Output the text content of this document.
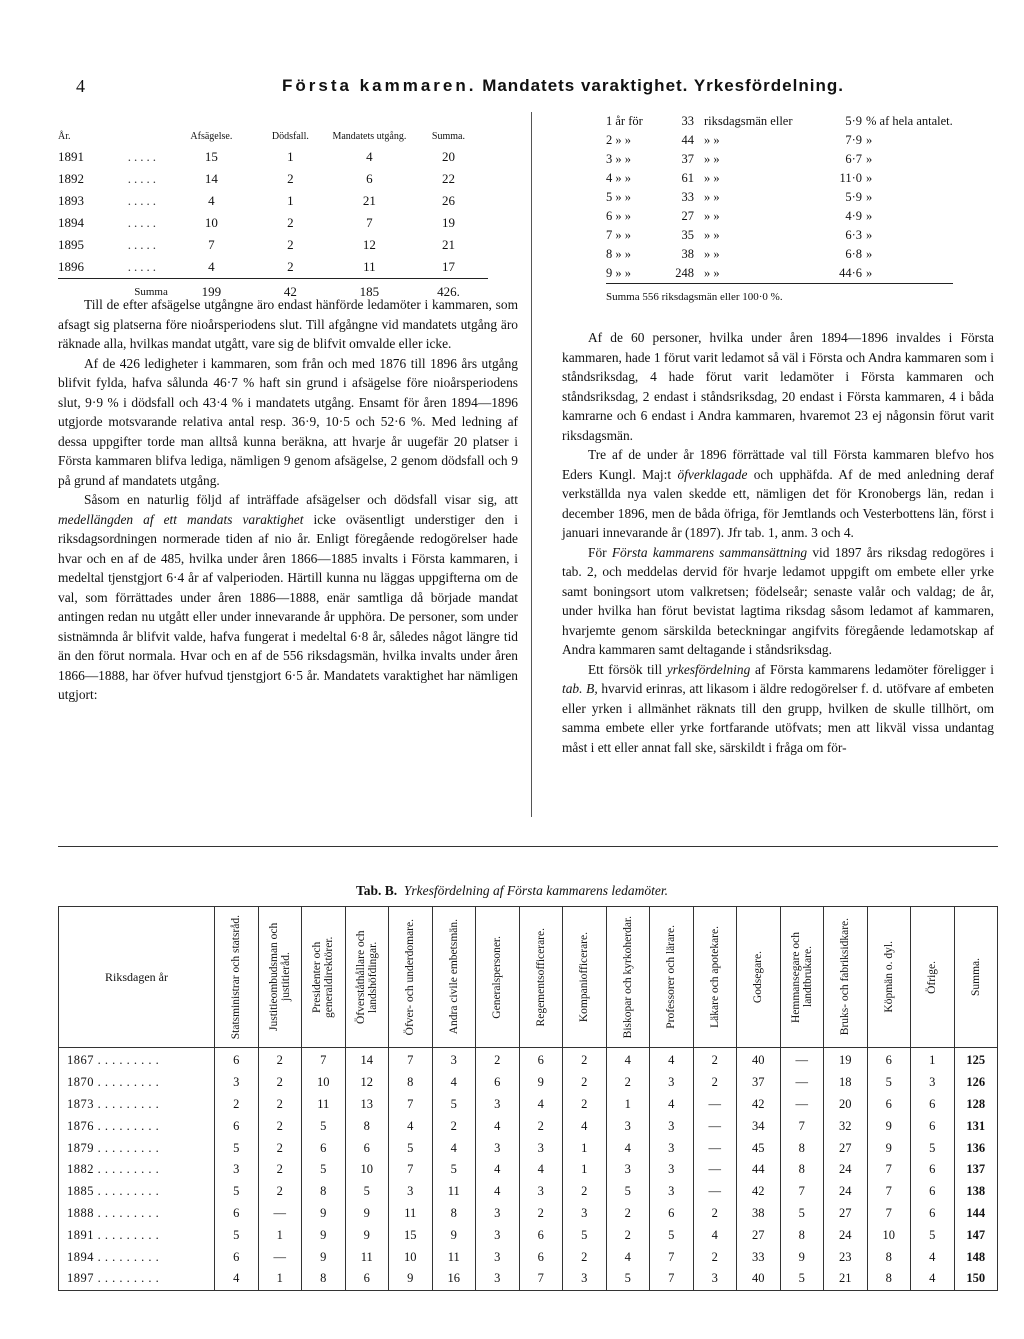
4	Första kammaren. Mandatets varaktighet. Yrkesfördelning.
År.		Afsägelse.	Dödsfall.	Mandatets utgång.	Summa.
1891	.....	15	1	4	20
1892	.....	14	2	6	22
1893	.....	4	1	21	26
1894	.....	10	2	7	19
1895	.....	7	2	12	21
1896	.....	4	2	11	17
Summa		199	42	185	426.

Till de efter afsägelse utgångne äro endast hänförde ledamöter i kammaren, som afsagt sig platserna före nioårsperiodens slut. Till afgångne vid mandatets utgång äro räknade alla, hvilkas mandat utgått, vare sig de blifvit omvalde eller icke.

Af de 426 ledigheter i kammaren, som från och med 1876 till 1896 års utgång blifvit fylda, hafva sålunda 46·7 % haft sin grund i afsägelse före nioårsperiodens slut, 9·9 % i dödsfall och 43·4 % i mandatets utgång. Ensamt för åren 1894—1896 utgjorde motsvarande relativa antal resp. 36·9, 10·5 och 52·6 %. Med ledning af dessa uppgifter torde man alltså kunna beräkna, att hvarje år uugefär 20 platser i Första kammaren blifva lediga, nämligen 9 genom afsägelse, 2 genom dödsfall och 9 på grund af mandatets utgång.

Såsom en naturlig följd af inträffade afsägelser och dödsfall visar sig, att medellängden af ett mandats varaktighet icke oväsentligt understiger den i riksdagsordningen normerade tiden af nio år. Enligt föregående redogörelser hade hvar och en af de 485, hvilka under åren 1866—1885 invalts i Första kammaren, i medeltal tjenstgjort 6·4 år af valperioden. Härtill kunna nu läggas uppgifterna om de val, som förrättades under åren 1886—1888, enär samtliga då började mandat antingen redan nu utgått eller under innevarande år upphöra. De personer, som under sistnämnda år blifvit valde, hafva fungerat i medeltal 6·8 år, således något längre tid än den förut normala. Hvar och en af de 556 riksdagsmän, hvilka invalts under åren 1866—1888, har öfver hufvud tjenstgjort 6·5 år. Mandatets varaktighet har nämligen utgjort:

1 år för	33	riksdagsmän eller	5·9	% af hela antalet.
2 » »	44	» »	7·9	»
3 » »	37	» »	6·7	»
4 » »	61	» »	11·0	»
5 » »	33	» »	5·9	»
6 » »	27	» »	4·9	»
7 » »	35	» »	6·3	»
8 » »	38	» »	6·8	»
9 » »	248	» »	44·6	»
Summa 556 riksdagsmän eller 100·0 %.				

Af de 60 personer, hvilka under åren 1894—1896 invaldes i Första kammaren, hade 1 förut varit ledamot så väl i Första och Andra kammaren som i ståndsriksdag, 4 hade förut varit ledamöter i Första kammaren och ståndsriksdag, 2 endast i ståndsriksdag, 20 endast i Första kammaren, 4 i båda kamrarne och 6 endast i Andra kammaren, hvaremot 23 ej någonsin förut varit riksdagsmän.

Tre af de under år 1896 förrättade val till Första kammaren blefvo hos Eders Kungl. Maj:t öfverklagade och upphäfda. Af de med anledning deraf verkställda nya valen skedde ett, nämligen det för Kronobergs län, redan i december 1896, men de båda öfriga, för Jemtlands och Vesterbottens län, först i januari innevarande år (1897). Jfr tab. 1, anm. 3 och 4.

För Första kammarens sammansättning vid 1897 års riksdag redogöres i tab. 2, och meddelas dervid för hvarje ledamot uppgift om embete eller yrke samt boningsort utom valkretsen; födelseår; senaste valår och valdag; de år, under hvilka han förut bevistat lagtima riksdag såsom ledamot af kammaren, hvarjemte genom särskilda beteckningar angifvits föregående ledamotskap af Andra kammaren samt deltagande i ståndsriksdag.

Ett försök till yrkesfördelning af Första kammarens ledamöter föreligger i tab. B, hvarvid erinras, att likasom i äldre redogörelser f. d. utöfvare af embeten eller yrken i allmänhet räknats till den grupp, hvilken de skulle tillhört, om samma embete eller yrke fortfarande utöfvats; men att likväl vissa undantag måst i ett eller annat fall ske, särskildt i fråga om för-

Tab. B. Yrkesfördelning af Första kammarens ledamöter.
Riksdagen år	Statsministrar och statsråd.	Justitieombudsman och justitieråd.	Presidenter och generaldirektörer.	Öfverståthållare och landshöfdingar.	Öfver- och underdomare.	Andra civile embetsmän.	Generalspersoner.	Regementsofficerare.	Kompaniofficerare.	Biskopar och kyrkoherdar.	Professorer och lärare.	Läkare och apotekare.	Godsegare.	Hemmansegare och landtbrukare.	Bruks- och fabriksidkare.	Köpmän o. dyl.	Öfrige.	Summa.

1867 . . . . . . . . .	6	2	7	14	7	3	2	6	2	4	4	2	40	—	19	6	1	125
1870 . . . . . . . . .	3	2	10	12	8	4	6	9	2	2	3	2	37	—	18	5	3	126
1873 . . . . . . . . .	2	2	11	13	7	5	3	4	2	1	4	—	42	—	20	6	6	128
1876 . . . . . . . . .	6	2	5	8	4	2	4	2	4	3	3	—	34	7	32	9	6	131
1879 . . . . . . . . .	5	2	6	6	5	4	3	3	1	4	3	—	45	8	27	9	5	136
1882 . . . . . . . . .	3	2	5	10	7	5	4	4	1	3	3	—	44	8	24	7	6	137
1885 . . . . . . . . .	5	2	8	5	3	11	4	3	2	5	3	—	42	7	24	7	6	138
1888 . . . . . . . . .	6	—	9	9	11	8	3	2	3	2	6	2	38	5	27	7	6	144
1891 . . . . . . . . .	5	1	9	9	15	9	3	6	5	2	5	4	27	8	24	10	5	147
1894 . . . . . . . . .	6	—	9	11	10	11	3	6	2	4	7	2	33	9	23	8	4	148
1897 . . . . . . . . .	4	1	8	6	9	16	3	7	3	5	7	3	40	5	21	8	4	150
